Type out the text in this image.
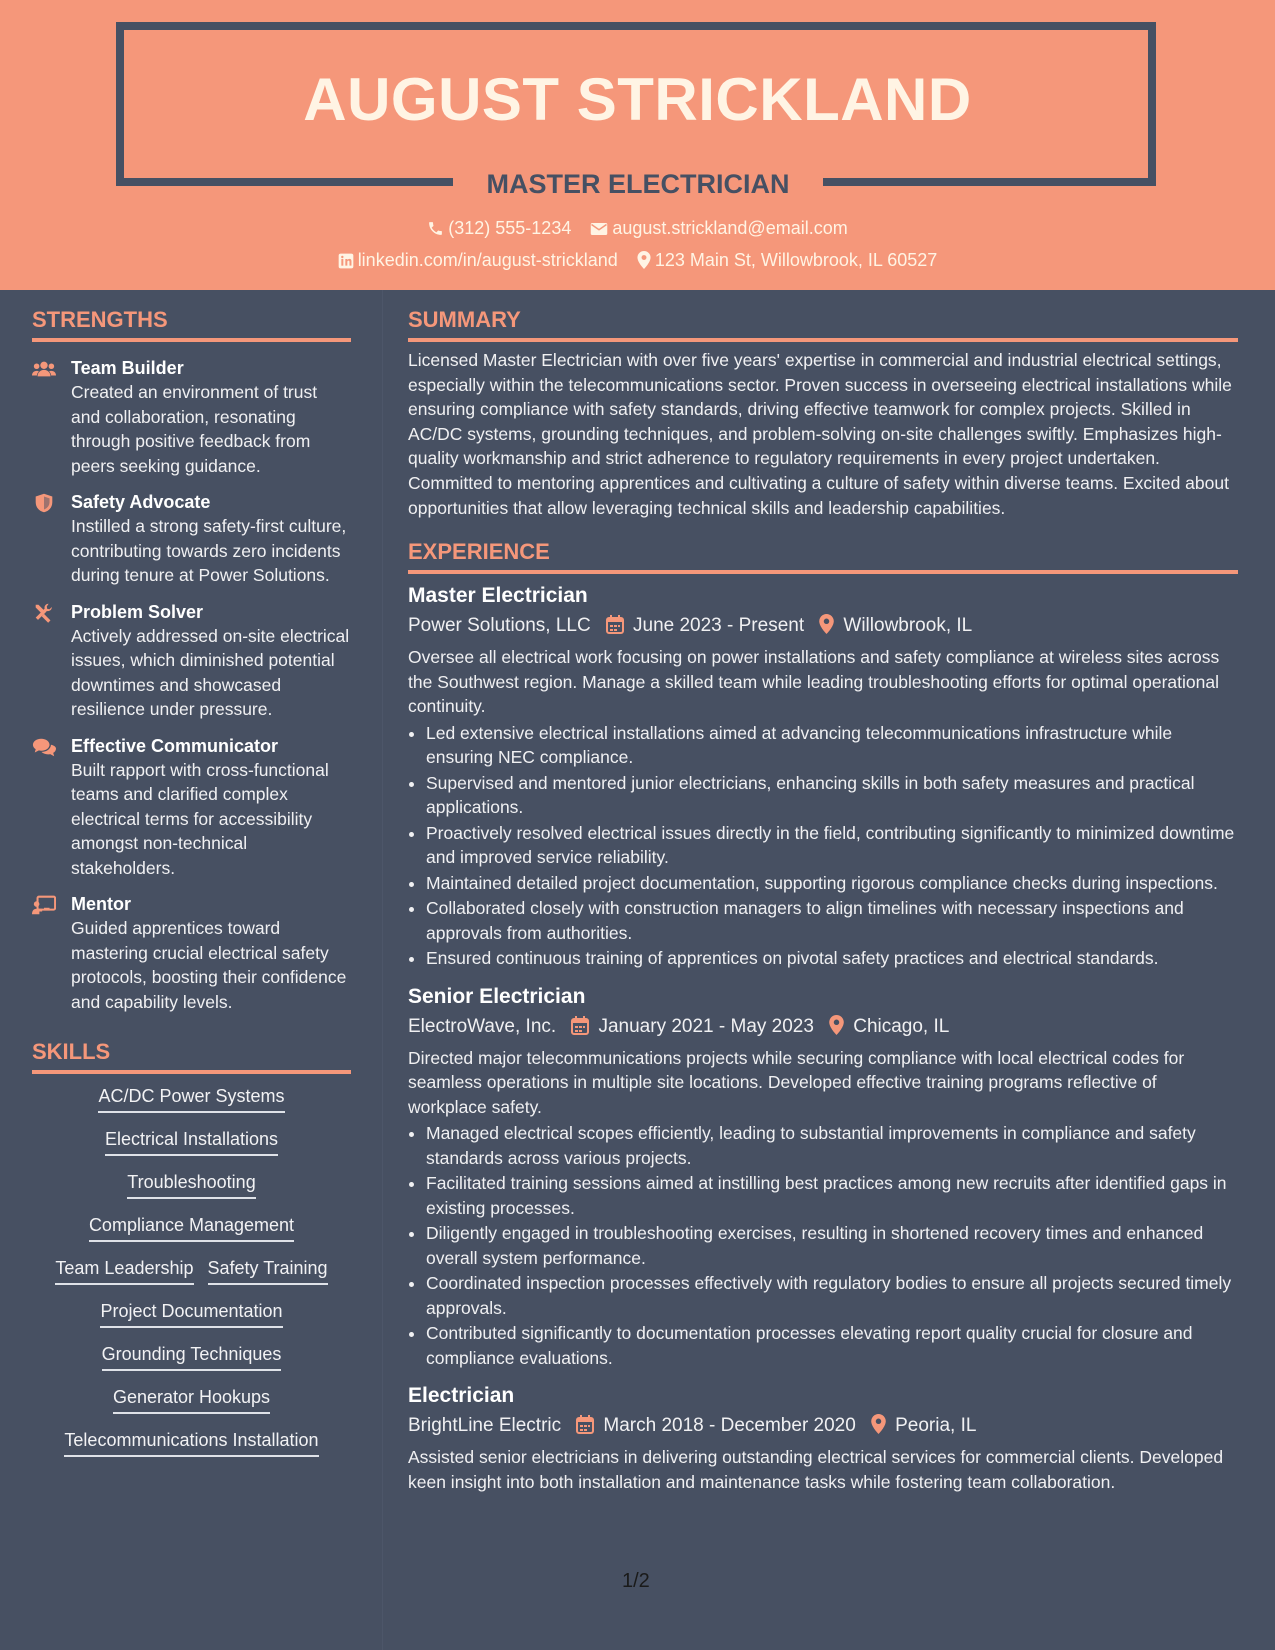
AUGUST STRICKLAND
MASTER ELECTRICIAN
(312) 555-1234 august.strickland@email.com
linkedin.com/in/august-strickland 123 Main St, Willowbrook, IL 60527
STRENGTHS
Team Builder
Created an environment of trust and collaboration, resonating through positive feedback from peers seeking guidance.
Safety Advocate
Instilled a strong safety-first culture, contributing towards zero incidents during tenure at Power Solutions.
Problem Solver
Actively addressed on-site electrical issues, which diminished potential downtimes and showcased resilience under pressure.
Effective Communicator
Built rapport with cross-functional teams and clarified complex electrical terms for accessibility amongst non-technical stakeholders.
Mentor
Guided apprentices toward mastering crucial electrical safety protocols, boosting their confidence and capability levels.
SKILLS
AC/DC Power Systems
Electrical Installations
Troubleshooting
Compliance Management
Team Leadership Safety Training
Project Documentation
Grounding Techniques
Generator Hookups
Telecommunications Installation
SUMMARY
Licensed Master Electrician with over five years' expertise in commercial and industrial electrical settings, especially within the telecommunications sector. Proven success in overseeing electrical installations while ensuring compliance with safety standards, driving effective teamwork for complex projects. Skilled in AC/DC systems, grounding techniques, and problem-solving on-site challenges swiftly. Emphasizes high-quality workmanship and strict adherence to regulatory requirements in every project undertaken. Committed to mentoring apprentices and cultivating a culture of safety within diverse teams. Excited about opportunities that allow leveraging technical skills and leadership capabilities.
EXPERIENCE
Master Electrician
Power Solutions, LLC June 2023 - Present Willowbrook, IL
Oversee all electrical work focusing on power installations and safety compliance at wireless sites across the Southwest region. Manage a skilled team while leading troubleshooting efforts for optimal operational continuity.
• Led extensive electrical installations aimed at advancing telecommunications infrastructure while ensuring NEC compliance.
• Supervised and mentored junior electricians, enhancing skills in both safety measures and practical applications.
• Proactively resolved electrical issues directly in the field, contributing significantly to minimized downtime and improved service reliability.
• Maintained detailed project documentation, supporting rigorous compliance checks during inspections.
• Collaborated closely with construction managers to align timelines with necessary inspections and approvals from authorities.
• Ensured continuous training of apprentices on pivotal safety practices and electrical standards.
Senior Electrician
ElectroWave, Inc. January 2021 - May 2023 Chicago, IL
Directed major telecommunications projects while securing compliance with local electrical codes for seamless operations in multiple site locations. Developed effective training programs reflective of workplace safety.
• Managed electrical scopes efficiently, leading to substantial improvements in compliance and safety standards across various projects.
• Facilitated training sessions aimed at instilling best practices among new recruits after identified gaps in existing processes.
• Diligently engaged in troubleshooting exercises, resulting in shortened recovery times and enhanced overall system performance.
• Coordinated inspection processes effectively with regulatory bodies to ensure all projects secured timely approvals.
• Contributed significantly to documentation processes elevating report quality crucial for closure and compliance evaluations.
Electrician
BrightLine Electric March 2018 - December 2020 Peoria, IL
Assisted senior electricians in delivering outstanding electrical services for commercial clients. Developed keen insight into both installation and maintenance tasks while fostering team collaboration.
1/2
